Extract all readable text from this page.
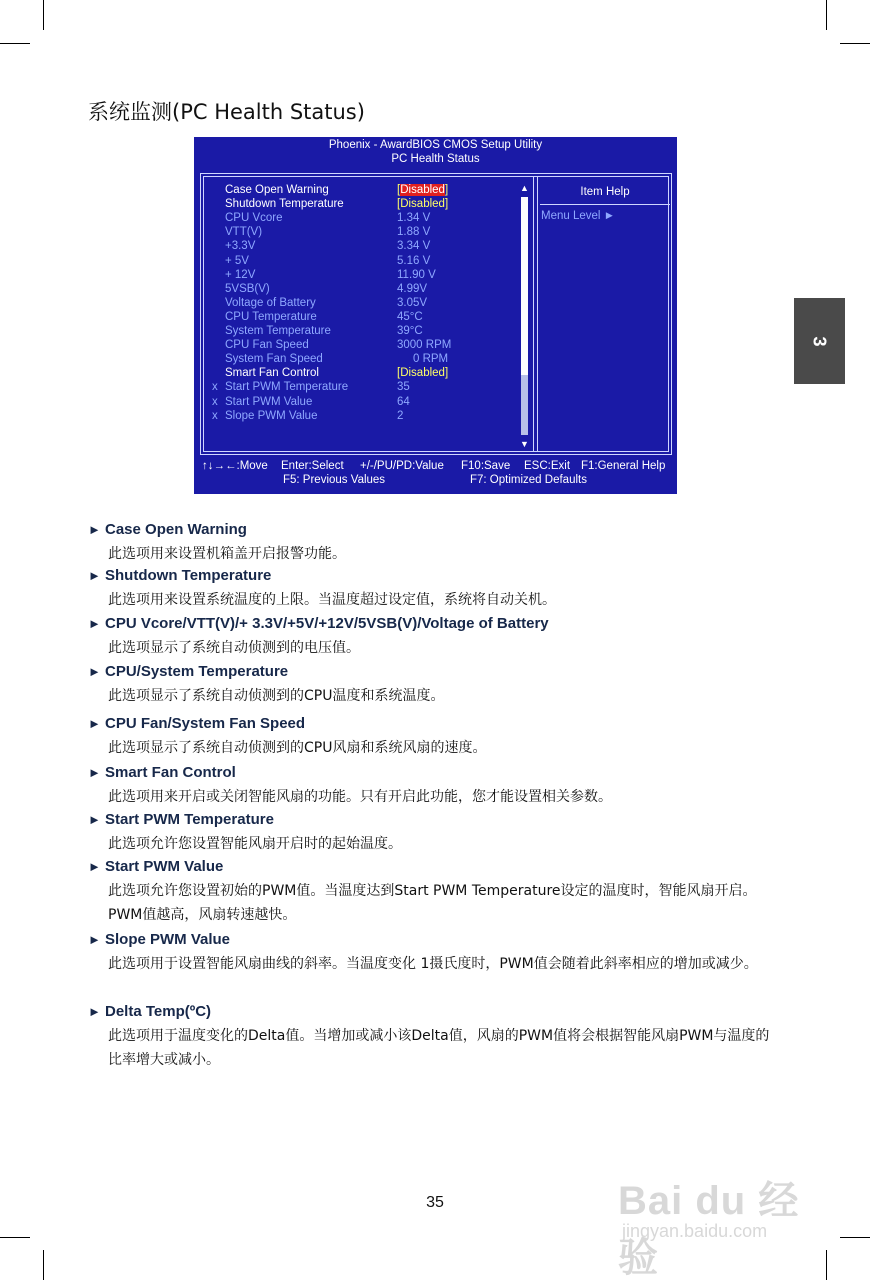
系统监测(PC Health Status)
3
Phoenix - AwardBIOS CMOS Setup Utility
PC Health Status
Case Open Warning	[Disabled]
Shutdown Temperature	[Disabled]
CPU Vcore	1.34 V
VTT(V)	1.88 V
+3.3V	3.34 V
+ 5V	5.16 V
+ 12V	11.90 V
5VSB(V)	4.99V
Voltage of Battery	3.05V
CPU Temperature	45°C
System Temperature	39°C
CPU Fan Speed	3000 RPM
System Fan Speed	0 RPM
Smart Fan Control	[Disabled]
x Start PWM Temperature	35
x Start PWM Value	64
x Slope PWM Value	2
▲
▼
Item Help
Menu Level ►
↑↓→←:Move Enter:Select +/-/PU/PD:Value F10:Save ESC:Exit F1:General Help
F5: Previous Values	F7: Optimized Defaults
► Case Open Warning
此选项用来设置机箱盖开启报警功能。
► Shutdown Temperature
此选项用来设置系统温度的上限。当温度超过设定值，系统将自动关机。
► CPU Vcore/VTT(V)/+ 3.3V/+5V/+12V/5VSB(V)/Voltage of Battery
此选项显示了系统自动侦测到的电压值。
► CPU/System Temperature
此选项显示了系统自动侦测到的CPU温度和系统温度。
► CPU Fan/System Fan Speed
此选项显示了系统自动侦测到的CPU风扇和系统风扇的速度。
► Smart Fan Control
此选项用来开启或关闭智能风扇的功能。只有开启此功能，您才能设置相关参数。
► Start PWM Temperature
此选项允许您设置智能风扇开启时的起始温度。
► Start PWM Value
此选项允许您设置初始的PWM值。当温度达到Start PWM Temperature设定的温度时，智能风扇开启。PWM值越高，风扇转速越快。
► Slope PWM Value
此选项用于设置智能风扇曲线的斜率。当温度变化 1摄氏度时，PWM值会随着此斜率相应的增加或减少。
► Delta Temp(ºC)
此选项用于温度变化的Delta值。当增加或减小该Delta值，风扇的PWM值将会根据智能风扇PWM与温度的比率增大或减小。
35	Bai du 经验
jingyan.baidu.com
